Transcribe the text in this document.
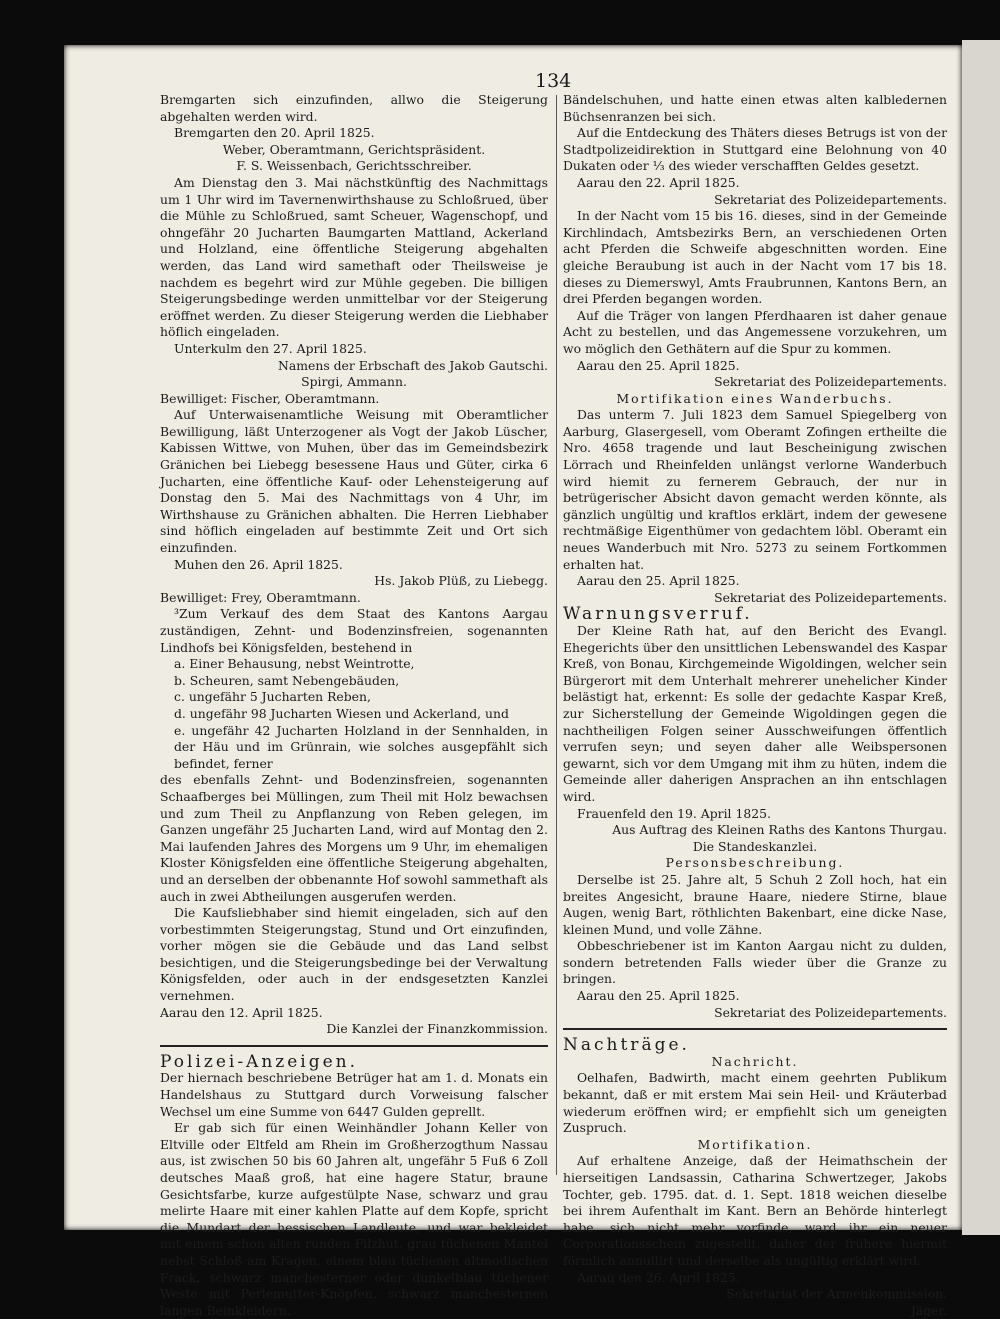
134

Bremgarten sich einzufinden, allwo die Steigerung abgehalten werden wird.

Bremgarten den 20. April 1825.

Weber, Oberamtmann, Gerichtspräsident.

F. S. Weissenbach, Gerichtsschreiber.

Am Dienstag den 3. Mai nächstkünftig des Nachmittags um 1 Uhr wird im Tavernenwirthshause zu Schloßrued, über die Mühle zu Schloßrued, samt Scheuer, Wagenschopf, und ohngefähr 20 Jucharten Baumgarten Mattland, Ackerland und Holzland, eine öffentliche Steigerung abgehalten werden, das Land wird samethaft oder Theilsweise je nachdem es begehrt wird zur Mühle gegeben. Die billigen Steigerungsbedinge werden unmittelbar vor der Steigerung eröffnet werden. Zu dieser Steigerung werden die Liebhaber höflich eingeladen.

Unterkulm den 27. April 1825.

Namens der Erbschaft des Jakob Gautschi.

Spirgi, Ammann.

Bewilliget: Fischer, Oberamtmann.

Auf Unterwaisenamtliche Weisung mit Oberamtlicher Bewilligung, läßt Unterzogener als Vogt der Jakob Lüscher, Kabissen Wittwe, von Muhen, über das im Gemeindsbezirk Gränichen bei Liebegg besessene Haus und Güter, cirka 6 Jucharten, eine öffentliche Kauf- oder Lehensteigerung auf Donstag den 5. Mai des Nachmittags von 4 Uhr, im Wirthshause zu Gränichen abhalten. Die Herren Liebhaber sind höflich eingeladen auf bestimmte Zeit und Ort sich einzufinden.

Muhen den 26. April 1825.

Hs. Jakob Plüß, zu Liebegg.

Bewilliget: Frey, Oberamtmann.

³Zum Verkauf des dem Staat des Kantons Aargau zuständigen, Zehnt- und Bodenzinsfreien, sogenannten Lindhofs bei Königsfelden, bestehend in

a. Einer Behausung, nebst Weintrotte,

b. Scheuren, samt Nebengebäuden,

c. ungefähr 5 Jucharten Reben,

d. ungefähr 98 Jucharten Wiesen und Ackerland, und

e. ungefähr 42 Jucharten Holzland in der Sennhalden, in der Häu und im Grünrain, wie solches ausgepfählt sich befindet, ferner

des ebenfalls Zehnt- und Bodenzinsfreien, sogenannten Schaafberges bei Müllingen, zum Theil mit Holz bewachsen und zum Theil zu Anpflanzung von Reben gelegen, im Ganzen ungefähr 25 Jucharten Land, wird auf Montag den 2. Mai laufenden Jahres des Morgens um 9 Uhr, im ehemaligen Kloster Königsfelden eine öffentliche Steigerung abgehalten, und an derselben der obbenannte Hof sowohl sammethaft als auch in zwei Abtheilungen ausgerufen werden.

Die Kaufsliebhaber sind hiemit eingeladen, sich auf den vorbestimmten Steigerungstag, Stund und Ort einzufinden, vorher mögen sie die Gebäude und das Land selbst besichtigen, und die Steigerungsbedinge bei der Verwaltung Königsfelden, oder auch in der endsgesetzten Kanzlei vernehmen.

Aarau den 12. April 1825.

Die Kanzlei der Finanzkommission.

Polizei-Anzeigen.

Der hiernach beschriebene Betrüger hat am 1. d. Monats ein Handelshaus zu Stuttgard durch Vorweisung falscher Wechsel um eine Summe von 6447 Gulden geprellt.

Er gab sich für einen Weinhändler Johann Keller von Eltville oder Eltfeld am Rhein im Großherzogthum Nassau aus, ist zwischen 50 bis 60 Jahren alt, ungefähr 5 Fuß 6 Zoll deutsches Maaß groß, hat eine hagere Statur, braune Gesichtsfarbe, kurze aufgestülpte Nase, schwarz und grau melirte Haare mit einer kahlen Platte auf dem Kopfe, spricht die Mundart der hessischen Landleute, und war bekleidet mit einem schon alten runden Filzhut, grau tüchenen Mantel nebst Schloß am Kragen, einem blau tüchenen altmodischen Frack, schwarz manchesterner oder dunkelblau tüchener Weste mit Perlemutter-Knöpfen, schwarz manchesternen langen Beinkleidern,

Bändelschuhen, und hatte einen etwas alten kalbledernen Büchsenranzen bei sich.

Auf die Entdeckung des Thäters dieses Betrugs ist von der Stadtpolizeidirektion in Stuttgard eine Belohnung von 40 Dukaten oder ⅓ des wieder verschafften Geldes gesetzt.

Aarau den 22. April 1825.

Sekretariat des Polizeidepartements.

In der Nacht vom 15 bis 16. dieses, sind in der Gemeinde Kirchlindach, Amtsbezirks Bern, an verschiedenen Orten acht Pferden die Schweife abgeschnitten worden. Eine gleiche Beraubung ist auch in der Nacht vom 17 bis 18. dieses zu Diemerswyl, Amts Fraubrunnen, Kantons Bern, an drei Pferden begangen worden.

Auf die Träger von langen Pferdhaaren ist daher genaue Acht zu bestellen, und das Angemessene vorzukehren, um wo möglich den Gethätern auf die Spur zu kommen.

Aarau den 25. April 1825.

Sekretariat des Polizeidepartements.

Mortifikation eines Wanderbuchs.

Das unterm 7. Juli 1823 dem Samuel Spiegelberg von Aarburg, Glasergesell, vom Oberamt Zofingen ertheilte die Nro. 4658 tragende und laut Bescheinigung zwischen Lörrach und Rheinfelden unlängst verlorne Wanderbuch wird hiemit zu fernerem Gebrauch, der nur in betrügerischer Absicht davon gemacht werden könnte, als gänzlich ungültig und kraftlos erklärt, indem der gewesene rechtmäßige Eigenthümer von gedachtem löbl. Oberamt ein neues Wanderbuch mit Nro. 5273 zu seinem Fortkommen erhalten hat.

Aarau den 25. April 1825.

Sekretariat des Polizeidepartements.

Warnungsverruf.

Der Kleine Rath hat, auf den Bericht des Evangl. Ehegerichts über den unsittlichen Lebenswandel des Kaspar Kreß, von Bonau, Kirchgemeinde Wigoldingen, welcher sein Bürgerort mit dem Unterhalt mehrerer unehelicher Kinder belästigt hat, erkennt: Es solle der gedachte Kaspar Kreß, zur Sicherstellung der Gemeinde Wigoldingen gegen die nachtheiligen Folgen seiner Ausschweifungen öffentlich verrufen seyn; und seyen daher alle Weibspersonen gewarnt, sich vor dem Umgang mit ihm zu hüten, indem die Gemeinde aller daherigen Ansprachen an ihn entschlagen wird.

Frauenfeld den 19. April 1825.

Aus Auftrag des Kleinen Raths des Kantons Thurgau.

Die Standeskanzlei.

Personsbeschreibung.

Derselbe ist 25. Jahre alt, 5 Schuh 2 Zoll hoch, hat ein breites Angesicht, braune Haare, niedere Stirne, blaue Augen, wenig Bart, röthlichten Bakenbart, eine dicke Nase, kleinen Mund, und volle Zähne.

Obbeschriebener ist im Kanton Aargau nicht zu dulden, sondern betretenden Falls wieder über die Granze zu bringen.

Aarau den 25. April 1825.

Sekretariat des Polizeidepartements.

Nachträge.

Nachricht.

Oelhafen, Badwirth, macht einem geehrten Publikum bekannt, daß er mit erstem Mai sein Heil- und Kräuterbad wiederum eröffnen wird; er empfiehlt sich um geneigten Zuspruch.

Mortifikation.

Auf erhaltene Anzeige, daß der Heimathschein der hierseitigen Landsassin, Catharina Schwertzeger, Jakobs Tochter, geb. 1795. dat. d. 1. Sept. 1818 weichen dieselbe bei ihrem Aufenthalt im Kant. Bern an Behörde hinterlegt habe, sich nicht mehr vorfinde, ward ihr ein neuer Corporationsschein zugestellt, daher der frühere hiermit förmlich annullirt und derselbe als ungültig erklärt wird.

Aarau den 26. April 1825.

Sekretariat der Armenkommission.

Jäger.
